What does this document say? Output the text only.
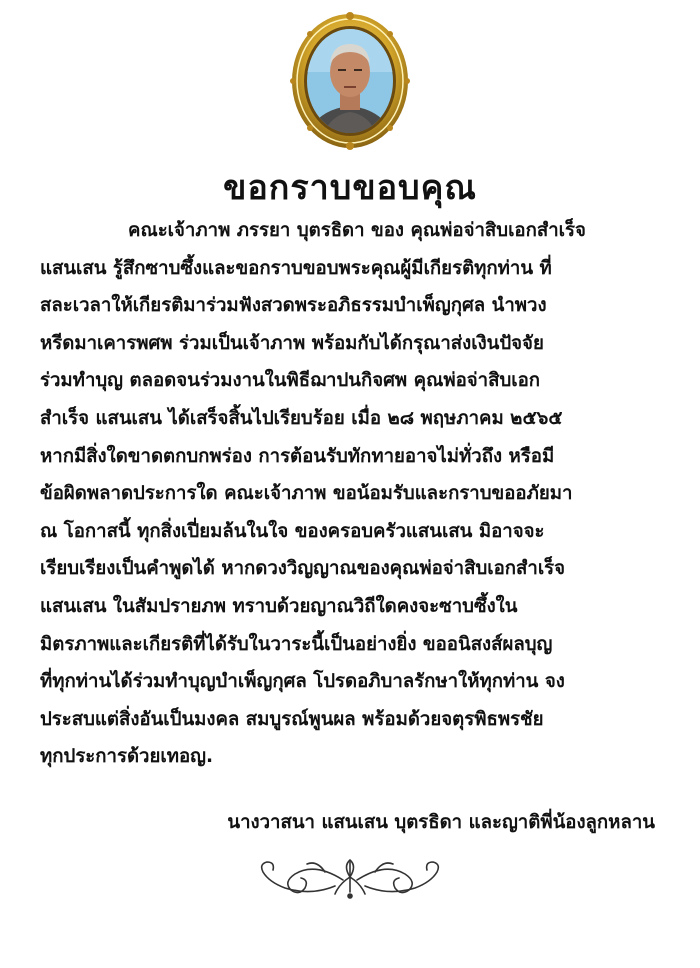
ขอกราบขอบคุณ
คณะเจ้าภาพ ภรรยา บุตรธิดา ของ คุณพ่อจ่าสิบเอกสำเร็จ
แสนเสน รู้สึกซาบซึ้งและขอกราบขอบพระคุณผู้มีเกียรติทุกท่าน ที่
สละเวลาให้เกียรติมาร่วมฟังสวดพระอภิธรรมบำเพ็ญกุศล นำพวง
หรีดมาเคารพศพ ร่วมเป็นเจ้าภาพ พร้อมกับได้กรุณาส่งเงินปัจจัย
ร่วมทำบุญ ตลอดจนร่วมงานในพิธีฌาปนกิจศพ คุณพ่อจ่าสิบเอก
สำเร็จ แสนเสน ได้เสร็จสิ้นไปเรียบร้อย เมื่อ ๒๘ พฤษภาคม ๒๕๖๕
หากมีสิ่งใดขาดตกบกพร่อง การต้อนรับทักทายอาจไม่ทั่วถึง หรือมี
ข้อผิดพลาดประการใด คณะเจ้าภาพ ขอน้อมรับและกราบขออภัยมา
ณ โอกาสนี้ ทุกสิ่งเปี่ยมล้นในใจ ของครอบครัวแสนเสน มิอาจจะ
เรียบเรียงเป็นคำพูดได้ หากดวงวิญญาณของคุณพ่อจ่าสิบเอกสำเร็จ
แสนเสน ในสัมปรายภพ ทราบด้วยญาณวิถีใดคงจะซาบซึ้งใน
มิตรภาพและเกียรติที่ได้รับในวาระนี้เป็นอย่างยิ่ง ขออนิสงส์ผลบุญ
ที่ทุกท่านได้ร่วมทำบุญบำเพ็ญกุศล โปรดอภิบาลรักษาให้ทุกท่าน จง
ประสบแต่สิ่งอันเป็นมงคล สมบูรณ์พูนผล พร้อมด้วยจตุรพิธพรชัย
ทุกประการด้วยเทอญ.
นางวาสนา แสนเสน บุตรธิดา และญาติพี่น้องลูกหลาน
